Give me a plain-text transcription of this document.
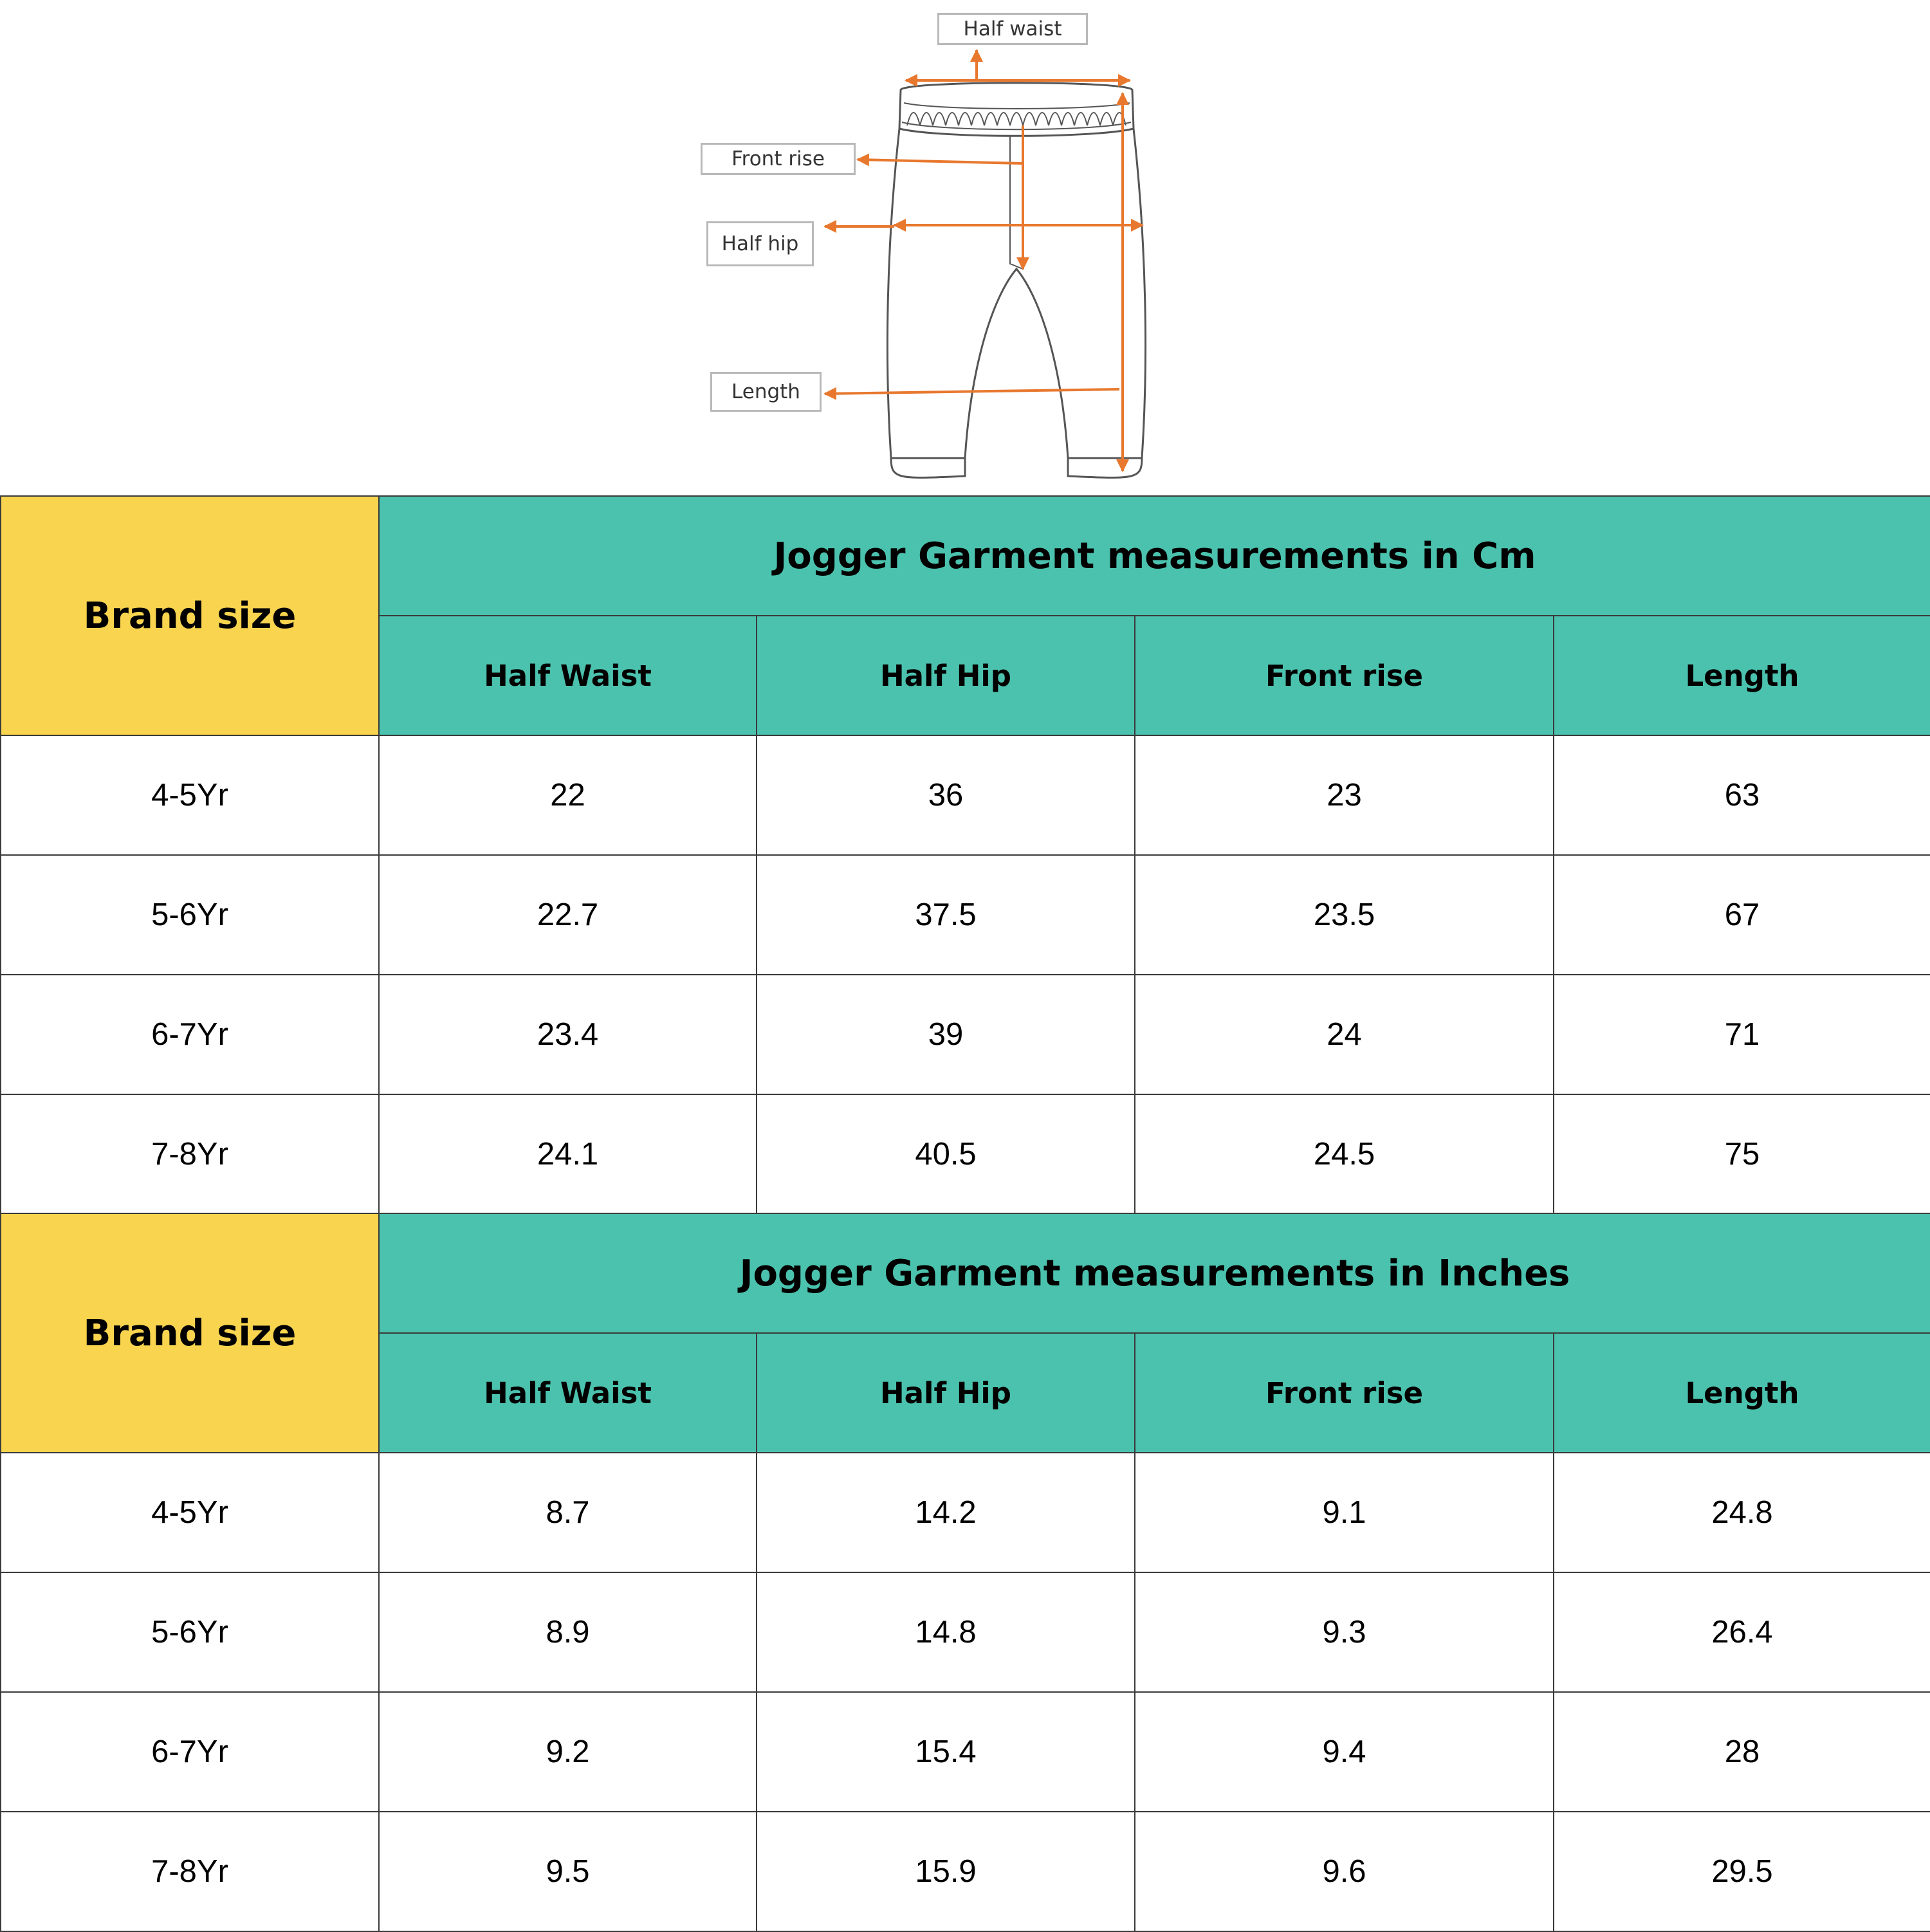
Half waist
Front rise
Half hip
Length
Brand size	Jogger Garment measurements in Cm			
	Half Waist	Half Hip	Front rise	Length
4-5Yr	22	36	23	63
5-6Yr	22.7	37.5	23.5	67
6-7Yr	23.4	39	24	71
7-8Yr	24.1	40.5	24.5	75
Brand size	Jogger Garment measurements in Inches			
	Half Waist	Half Hip	Front rise	Length
4-5Yr	8.7	14.2	9.1	24.8
5-6Yr	8.9	14.8	9.3	26.4
6-7Yr	9.2	15.4	9.4	28
7-8Yr	9.5	15.9	9.6	29.5
